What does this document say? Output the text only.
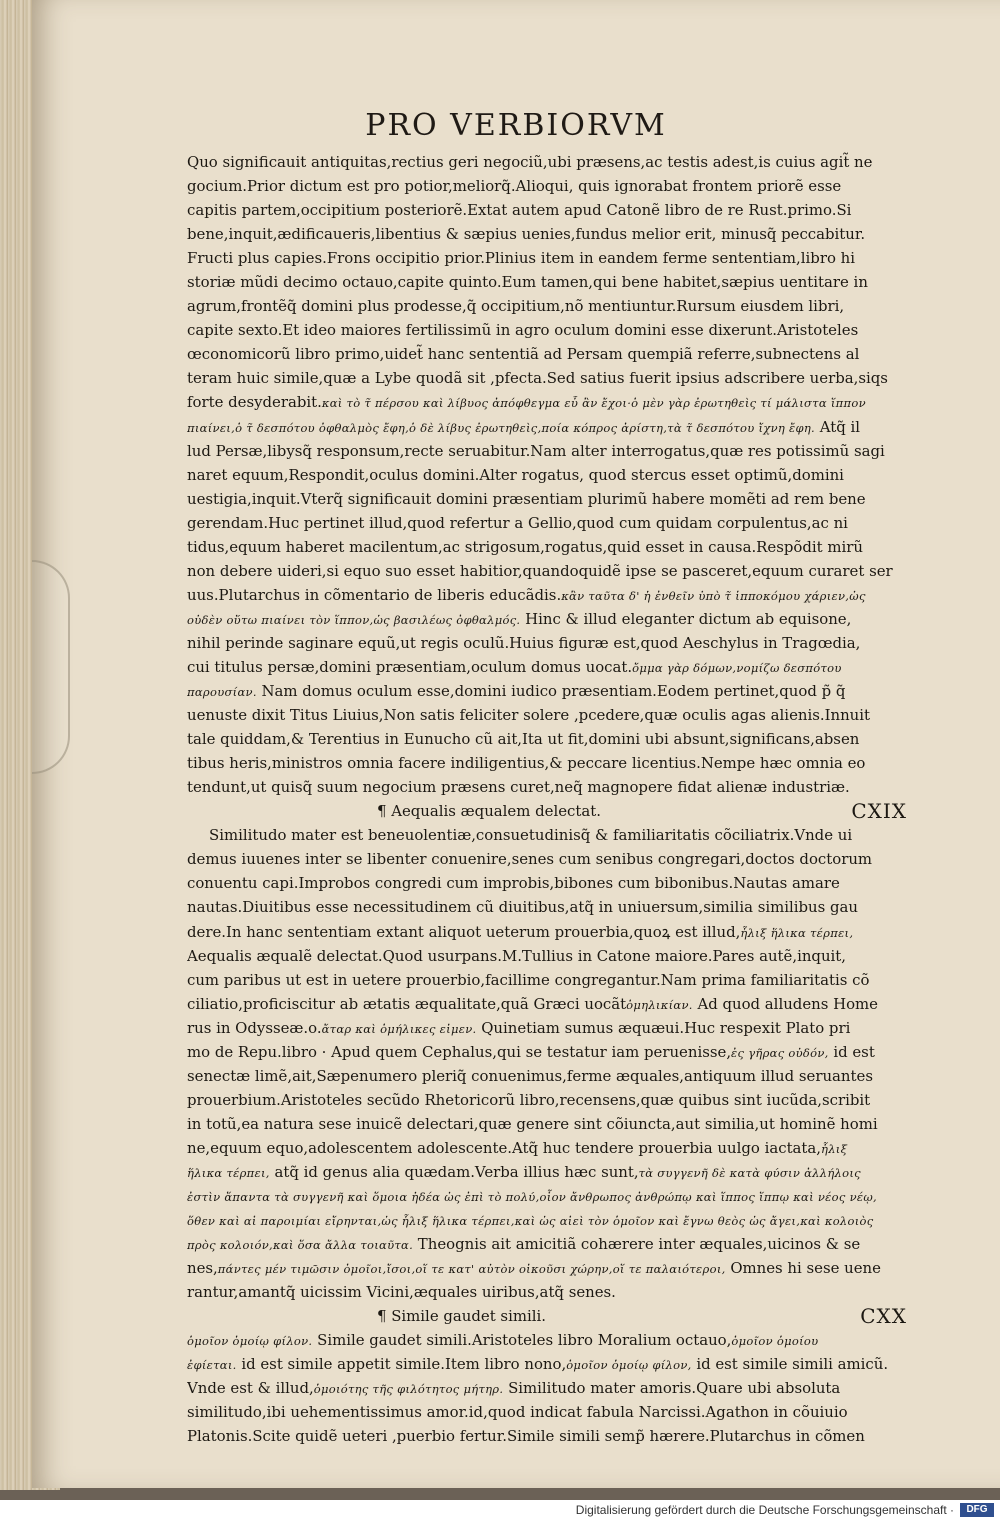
PRO VERBIORVM
Quo significauit antiquitas,rectius geri negociũ,ubi præsens,ac testis adest,is cuius agit̃ ne
gocium.Prior dictum est pro potior,meliorq̃.Alioqui, quis ignorabat frontem priorẽ esse
capitis partem,occipitium posteriorẽ.Extat autem apud Catonẽ libro de re Rust.primo.Si
bene,inquit,ædificaueris,libentius & sæpius uenies,fundus melior erit, minusq̃ peccabitur.
Fructi plus capies.Frons occipitio prior.Plinius item in eandem ferme sententiam,libro hi
storiæ mũdi decimo octauo,capite quinto.Eum tamen,qui bene habitet,sæpius uentitare in
agrum,frontẽq̃ domini plus prodesse,q̃ occipitium,nõ mentiuntur.Rursum eiusdem libri,
capite sexto.Et ideo maiores fertilissimũ in agro oculum domini esse dixerunt.Aristoteles
œconomicorũ libro primo,uidet̃ hanc sententiã ad Persam quempiã referre,subnectens al
teram huic simile,quæ a Lybe quodã sit ,pfecta.Sed satius fuerit ipsius adscribere uerba,siqs
forte desyderabit.καὶ τὸ τ̃ πέρσου καὶ λίβυος ἀπόφθεγμα εὖ ἂν ἔχοι·ὁ μὲν γὰρ ἐρωτηθεὶς τί μάλιστα ἵππον
πιαίνει,ὁ τ̃ δεσπότου ὀφθαλμὸς ἔφη,ὁ δὲ λίβυς ἐρωτηθεὶς,ποία κόπρος ἀρίστη,τὰ τ̃ δεσπότου ἴχνη ἔφη. Atq̃ il
lud Persæ,libysq̃ responsum,recte seruabitur.Nam alter interrogatus,quæ res potissimũ sagi
naret equum,Respondit,oculus domini.Alter rogatus, quod stercus esset optimũ,domini
uestigia,inquit.Vterq̃ significauit domini præsentiam plurimũ habere momẽti ad rem bene
gerendam.Huc pertinet illud,quod refertur a Gellio,quod cum quidam corpulentus,ac ni
tidus,equum haberet macilentum,ac strigosum,rogatus,quid esset in causa.Respõdit mirũ
non debere uideri,si equo suo esset habitior,quandoquidẽ ipse se pasceret,equum curaret ser
uus.Plutarchus in cõmentario de liberis educãdis.κἂν ταῦτα δ' ἡ ἐνθεῖν ὑπὸ τ̃ ἱπποκόμου χάριεν,ὡς
οὐδὲν οὕτω πιαίνει τὸν ἵππον,ὡς βασιλέως ὀφθαλμός. Hinc & illud eleganter dictum ab equisone,
nihil perinde saginare equũ,ut regis oculũ.Huius figuræ est,quod Aeschylus in Tragœdia,
cui titulus persæ,domini præsentiam,oculum domus uocat.ὄμμα γὰρ δόμων,νομίζω δεσπότου
παρουσίαν. Nam domus oculum esse,domini iudico præsentiam.Eodem pertinet,quod p̃ q̃
uenuste dixit Titus Liuius,Non satis feliciter solere ,pcedere,quæ oculis agas alienis.Innuit
tale quiddam,& Terentius in Eunucho cũ ait,Ita ut fit,domini ubi absunt,significans,absen
tibus heris,ministros omnia facere indiligentius,& peccare licentius.Nempe hæc omnia eo
tendunt,ut quisq̃ suum negocium præsens curet,neq̃ magnopere fidat alienæ industriæ.
¶ Aequalis æqualem delectat.	CXIX
Similitudo mater est beneuolentiæ,consuetudinisq̃ & familiaritatis cõciliatrix.Vnde ui
demus iuuenes inter se libenter conuenire,senes cum senibus congregari,doctos doctorum
conuentu capi.Improbos congredi cum improbis,bibones cum bibonibus.Nautas amare
nautas.Diuitibus esse necessitudinem cũ diuitibus,atq̃ in uniuersum,similia similibus gau
dere.In hanc sententiam extant aliquot ueterum prouerbia,quoꝝ est illud,ἧλιξ ἥλικα τέρπει,
Aequalis æqualẽ delectat.Quod usurpans.M.Tullius in Catone maiore.Pares autẽ,inquit,
cum paribus ut est in uetere prouerbio,facillime congregantur.Nam prima familiaritatis cõ
ciliatio,proficiscitur ab ætatis æqualitate,quã Græci uocãtὁμηλικίαν. Ad quod alludens Home
rus in Odysseæ.o.ἄταρ καὶ ὁμήλικες εἰμεν. Quinetiam sumus æquæui.Huc respexit Plato pri
mo de Repu.libro · Apud quem Cephalus,qui se testatur iam peruenisse,ἐς γῆρας οὐδόν, id est
senectæ limẽ,ait,Sæpenumero pleriq̃ conuenimus,ferme æquales,antiquum illud seruantes
prouerbium.Aristoteles secũdo Rhetoricorũ libro,recensens,quæ quibus sint iucũda,scribit
in totũ,ea natura sese inuicẽ delectari,quæ genere sint cõiuncta,aut similia,ut hominẽ homi
ne,equum equo,adolescentem adolescente.Atq̃ huc tendere prouerbia uulgo iactata,ἧλιξ
ἥλικα τέρπει, atq̃ id genus alia quædam.Verba illius hæc sunt,τὰ συγγενῆ δὲ κατὰ φύσιν ἀλλήλοις
ἐστὶν ἅπαντα τὰ συγγενῆ καὶ ὅμοια ἡδέα ὡς ἐπὶ τὸ πολύ,οἷον ἄνθρωπος ἀνθρώπῳ καὶ ἵππος ἵππῳ καὶ νέος νέῳ,
ὅθεν καὶ αἱ παροιμίαι εἴρηνται,ὡς ἧλιξ ἥλικα τέρπει,καὶ ὡς αἰεὶ τὸν ὁμοῖον καὶ ἔγνω θεὸς ὡς ἄγει,καὶ κολοιὸς
πρὸς κολοιόν,καὶ ὅσα ἄλλα τοιαῦτα. Theognis ait amicitiã cohærere inter æquales,uicinos & se
nes,πάντες μέν τιμῶσιν ὁμοῖοι,ἴσοι,οἵ τε κατ' αὐτὸν οἰκοῦσι χώρην,οἵ τε παλαιότεροι, Omnes hi sese uene
rantur,amantq̃ uicissim Vicini,æquales uiribus,atq̃ senes.
¶ Simile gaudet simili.	CXX
ὁμοῖον ὁμοίῳ φίλον. Simile gaudet simili.Aristoteles libro Moralium octauo,ὁμοῖον ὁμοίου
ἐφίεται. id est simile appetit simile.Item libro nono,ὁμοῖον ὁμοίῳ φίλον, id est simile simili amicũ.
Vnde est & illud,ὁμοιότης τῆς φιλότητος μήτηρ. Similitudo mater amoris.Quare ubi absoluta
similitudo,ibi uehementissimus amor.id,quod indicat fabula Narcissi.Agathon in cõuiuio
Platonis.Scite quidẽ ueteri ,puerbio fertur.Simile simili semp̃ hærere.Plutarchus in cõmen
Digitalisierung gefördert durch die Deutsche Forschungsgemeinschaft ·	DFG
